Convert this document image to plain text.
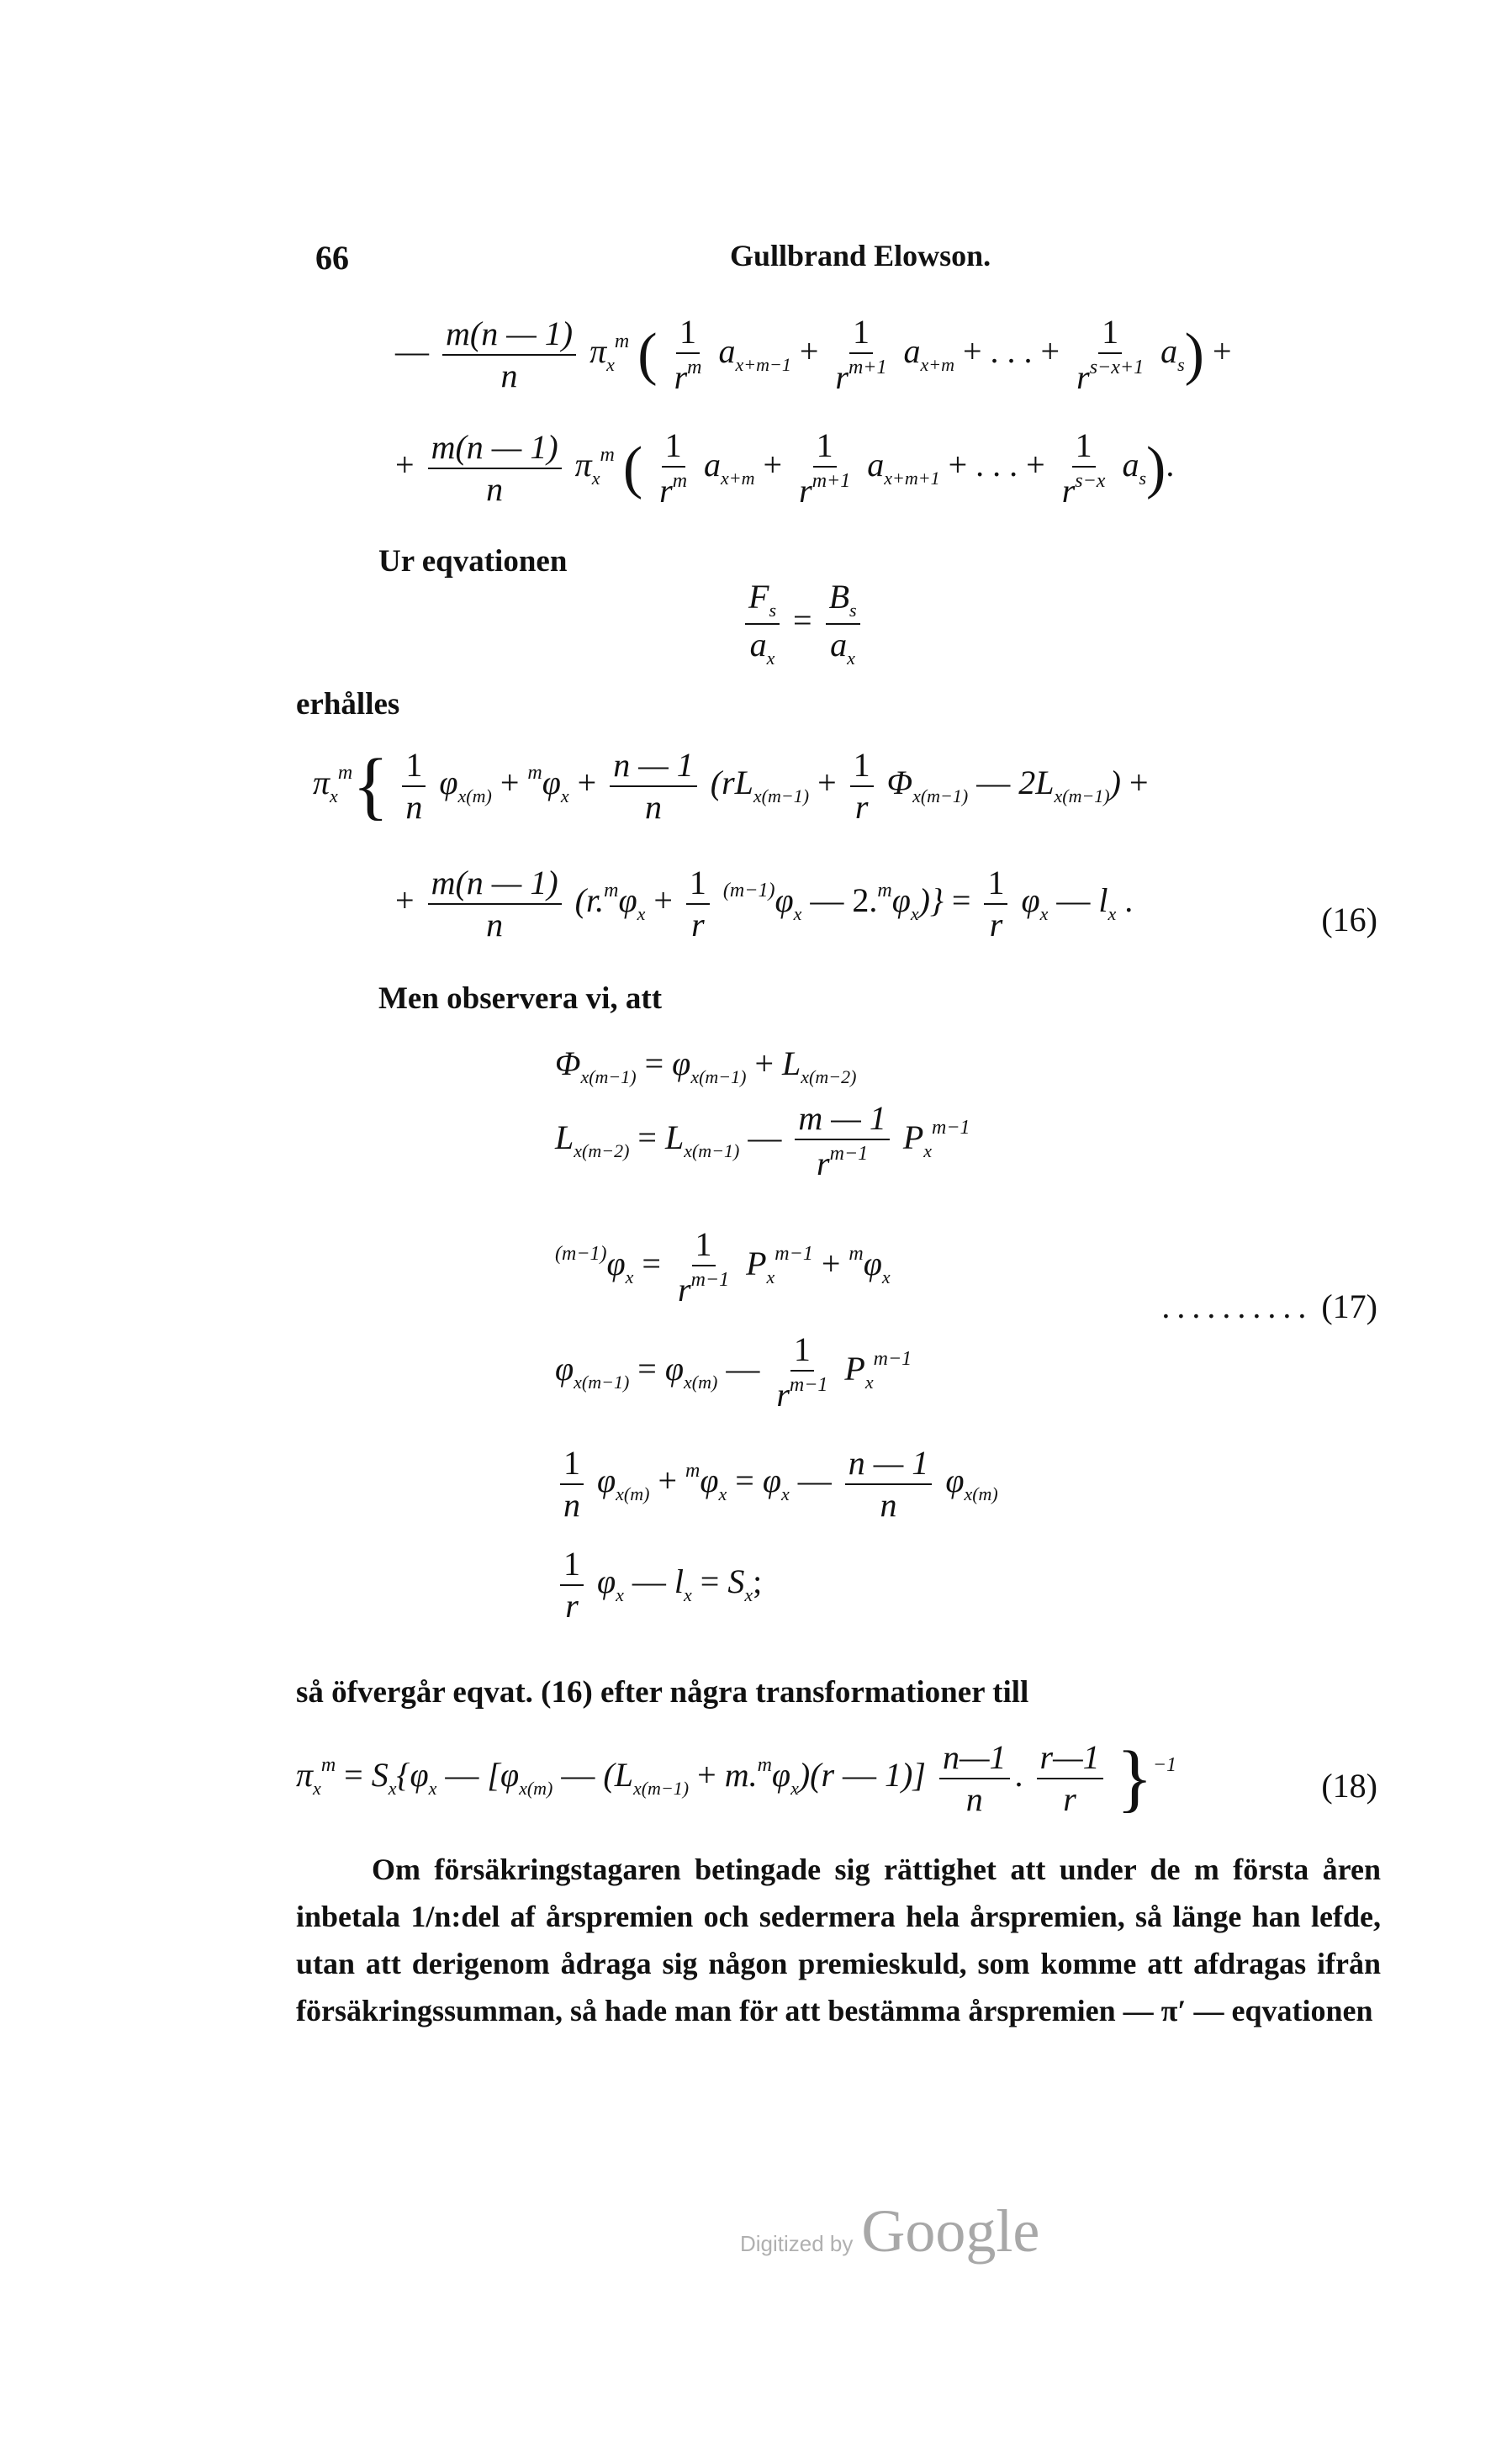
66	Gullbrand Elowson.
— $\frac{m(n — 1)}{n} \pi_x^m$ ( $\frac{1}{r^m} a_{x+m-1} + \frac{1}{r^{m+1}} a_{x+m}$ + . . . + $\frac{1}{r^{s-x+1}} a_s$) +
+ $\frac{m(n — 1)}{n} \pi_x^m$ ( $\frac{1}{r^m} a_{x+m} + \frac{1}{r^{m+1}} a_{x+m+1}$ + . . . + $\frac{1}{r^{s-x}} a_s$).
Ur eqvationen
$\frac{F_s}{a_x} = \frac{B_s}{a_x}$
erhålles
$\pi_x^m\{ \frac{1}{n} \varphi_{x(m)} + ^m\varphi_x + \frac{n — 1}{n} (rL_{x(m-1)} + \frac{1}{r} \Phi_{x(m-1)}$ — $2L_{x(m-1)}$) +
+ $\frac{m(n — 1)}{n} (r.^m\varphi_x + \frac{1}{r} ^{(m-1)}\varphi_x$ — $2.^m\varphi_x)\} = \frac{1}{r} \varphi_x$ — $l_x$ .
(16)
Men observera vi, att
$\Phi_{x(m-1)} = \varphi_{x(m-1)} + L_{x(m-2)}$
$L_{x(m-2)} = L_{x(m-1)}$ — $\frac{m — 1}{r^{m-1}} P_x^{m-1}$
$^{(m-1)}\varphi_x = \frac{1}{r^{m-1}} P_x^{m-1} + ^m\varphi_x$
.......... (17)
$\varphi_{x(m-1)} = \varphi_{x(m)}$ — $\frac{1}{r^{m-1}} P_x^{m-1}$
$\frac{1}{n} \varphi_{x(m)} + ^m\varphi_x = \varphi_x$ — $\frac{n — 1}{n} \varphi_{x(m)}$
$\frac{1}{r} \varphi_x$ — $l_x = S_x$;
så öfvergår eqvat. (16) efter några transformationer till
$\pi_x^m = S_x\{\varphi_x$ — [$\varphi_{x(m)}$ — $(L_{x(m-1)} + m.^m\varphi_x)(r$ — $1)] \frac{n—1}{n}$ . $\frac{r—1}{r} \}^{-1}$
(18)
Om försäkringstagaren betingade sig rättighet att under de m första åren inbetala 1/n:del af årspremien och sedermera hela årspremien, så länge han lefde, utan att derigenom ådraga sig någon premieskuld, som komme att afdragas ifrån försäkringssumman, så hade man för att bestämma årspremien — π′ — eqvationen
Digitized by Google
